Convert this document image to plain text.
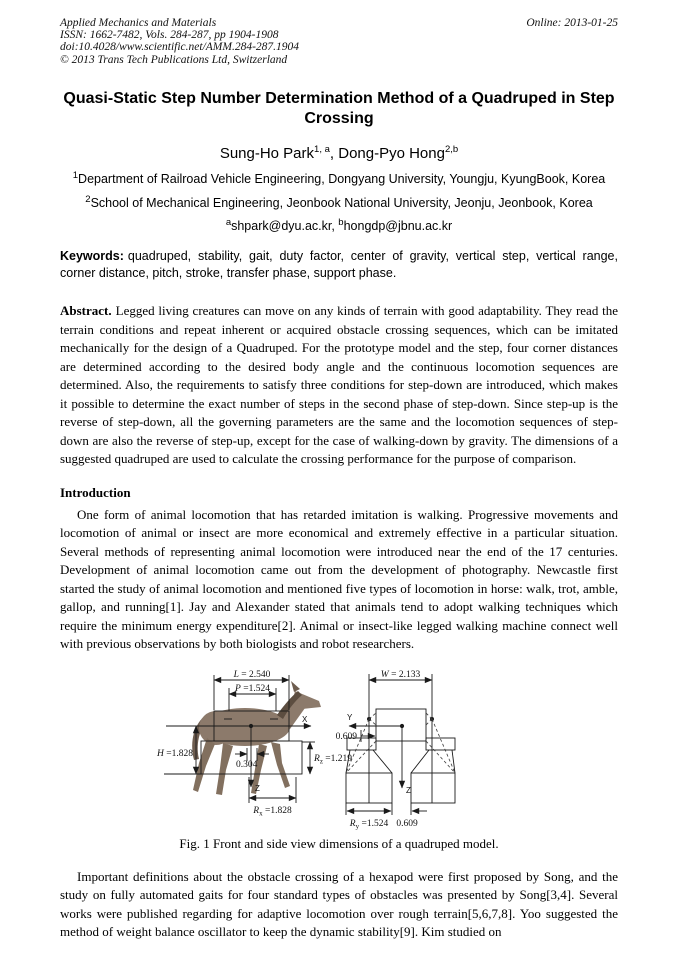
Applied Mechanics and Materials
ISSN: 1662-7482, Vols. 284-287, pp 1904-1908
doi:10.4028/www.scientific.net/AMM.284-287.1904
© 2013 Trans Tech Publications Ltd, Switzerland
Online: 2013-01-25
Quasi-Static Step Number Determination Method of a Quadruped in Step Crossing
Sung-Ho Park$^{1, a}$, Dong-Pyo Hong$^{2,b}$
$^1$Department of Railroad Vehicle Engineering, Dongyang University, Youngju, KyungBook, Korea
$^2$School of Mechanical Engineering, Jeonbook National University, Jeonju, Jeonbook, Korea
$^a$shpark@dyu.ac.kr, $^b$hongdp@jbnu.ac.kr

Keywords: quadruped, stability, gait, duty factor, center of gravity, vertical step, vertical range, corner distance, pitch, stroke, transfer phase, support phase.

Abstract. Legged living creatures can move on any kinds of terrain with good adaptability. They read the terrain conditions and repeat inherent or acquired obstacle crossing sequences, which can be imitated mechanically for the design of a Quadruped. For the prototype model and the step, four corner distances are determined according to the desired body angle and the continuous locomotion sequences are determined. Also, the requirements to satisfy three conditions for step-down are introduced, which makes it possible to determine the exact number of steps in the second phase of step-down. Since step-up is the reverse of step-down, all the governing parameters are the same and the locomotion sequences of step-down are also the reverse of step-up, except for the case of walking-down by gravity. The dimensions of a suggested quadruped are used to calculate the crossing performance for the purpose of comparison.

Introduction

One form of animal locomotion that has retarded imitation is walking. Progressive movements and locomotion of animal or insect are more economical and extremely effective in a particular situation. Several methods of representing animal locomotion were introduced near the end of the 17 centuries. Development of animal locomotion came out from the development of photography. Newcastle first started the study of animal locomotion and mentioned five types of locomotion in horse: walk, trot, amble, gallop, and running[1]. Jay and Alexander stated that animals tend to adopt walking techniques which require the minimum energy expenditure[2]. Animal or insect-like legged walking machine connect well with previous observations by both biologists and robot researchers.

X
Z
L = 2.540
P =1.524
H =1.828
0.304
$R_z =1.219$
$R_x =1.828$
W = 2.133
Y
Z
0.609
$R_y =1.524$ 0.609
Fig. 1 Front and side view dimensions of a quadruped model.

Important definitions about the obstacle crossing of a hexapod were first proposed by Song, and the study on fully automated gaits for four standard types of obstacles was presented by Song[3,4]. Several works were published regarding for adaptive locomotion over rough terrain[5,6,7,8]. Yoo suggested the method of weight balance oscillator to keep the dynamic stability[9]. Kim studied on
